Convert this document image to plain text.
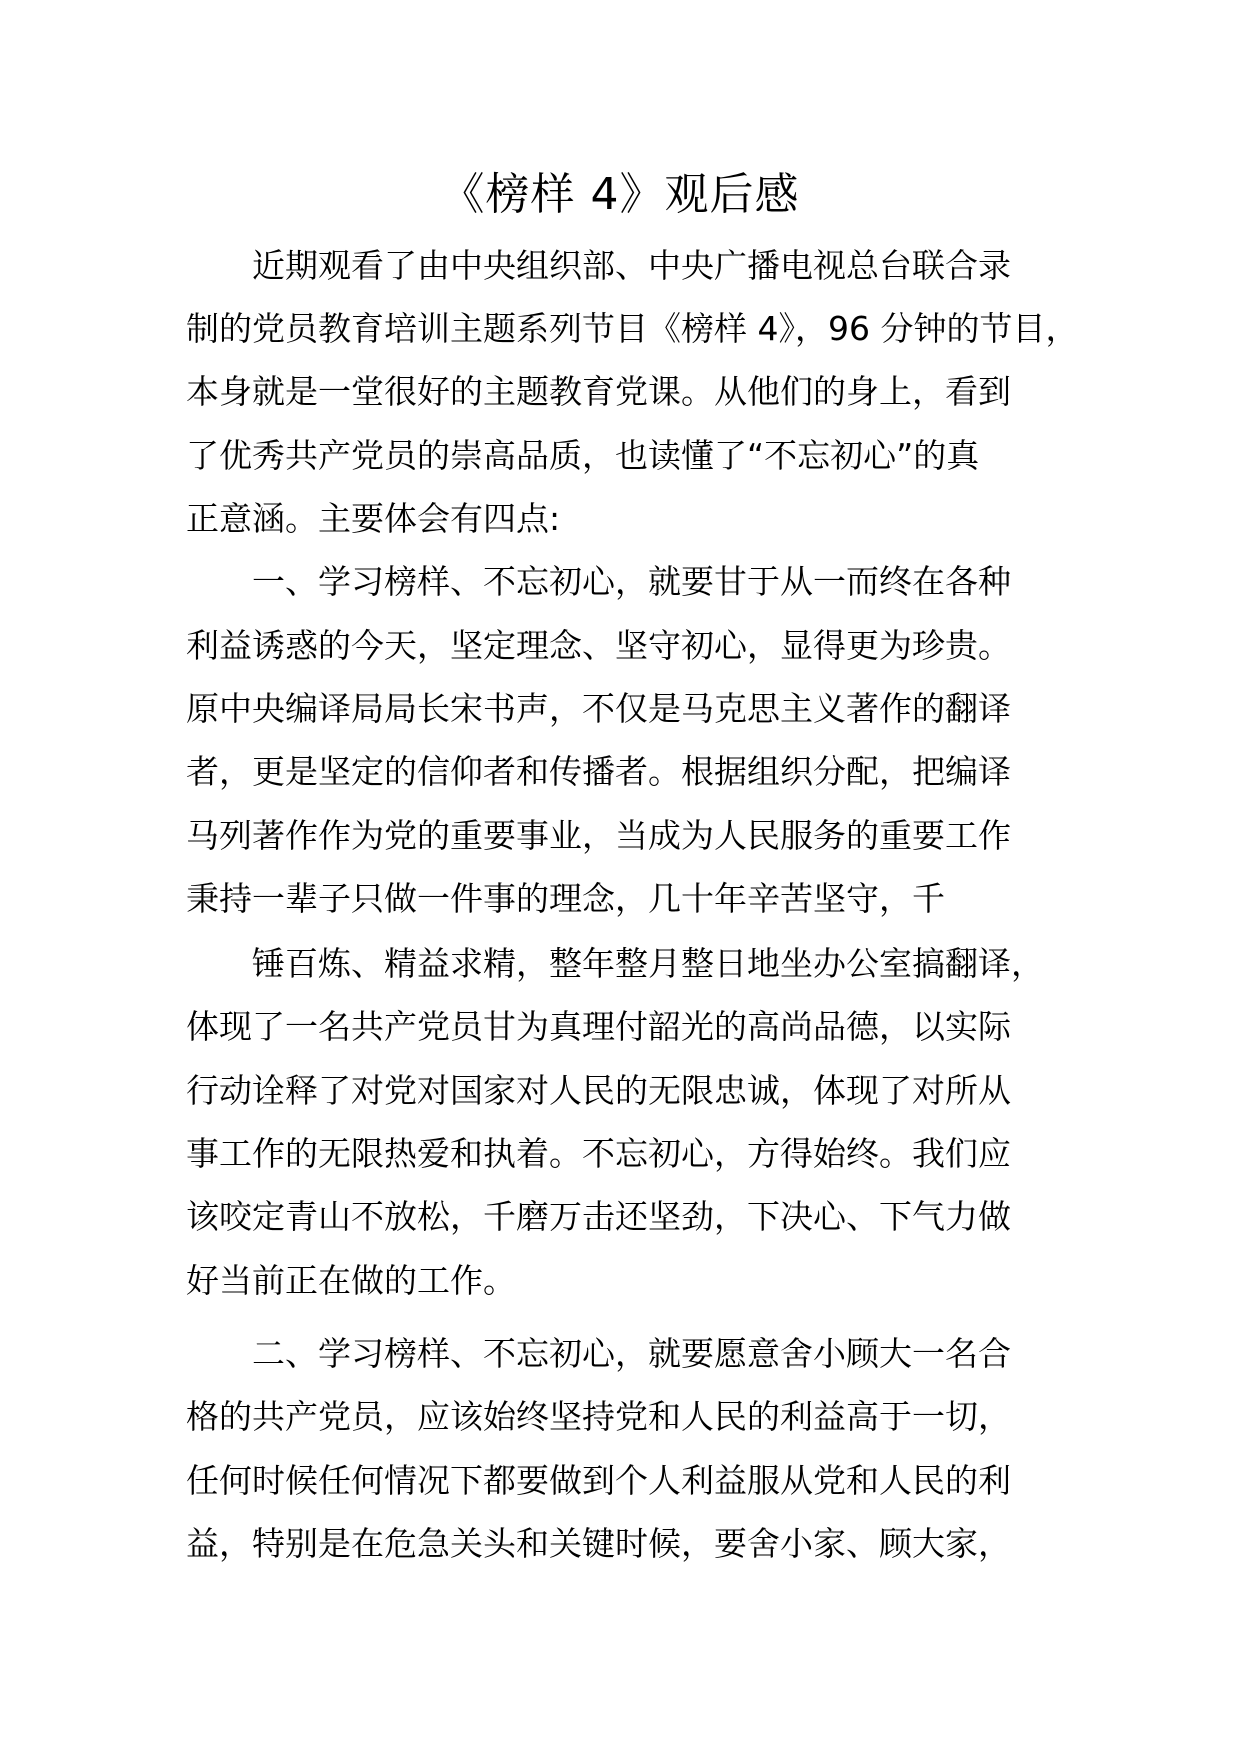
《榜样 4》观后感
近期观看了由中央组织部、中央广播电视总台联合录
制的党员教育培训主题系列节目《榜样 4》，96 分钟的节目，
本身就是一堂很好的主题教育党课。从他们的身上，看到
了优秀共产党员的崇高品质，也读懂了“不忘初心”的真
正意涵。主要体会有四点:
一、学习榜样、不忘初心，就要甘于从一而终在各种
利益诱惑的今天，坚定理念、坚守初心，显得更为珍贵。
原中央编译局局长宋书声，不仅是马克思主义著作的翻译
者，更是坚定的信仰者和传播者。根据组织分配，把编译
马列著作作为党的重要事业，当成为人民服务的重要工作
秉持一辈子只做一件事的理念，几十年辛苦坚守，千
锤百炼、精益求精，整年整月整日地坐办公室搞翻译，
体现了一名共产党员甘为真理付韶光的高尚品德，以实际
行动诠释了对党对国家对人民的无限忠诚，体现了对所从
事工作的无限热爱和执着。不忘初心，方得始终。我们应
该咬定青山不放松，千磨万击还坚劲，下决心、下气力做
好当前正在做的工作。
二、学习榜样、不忘初心，就要愿意舍小顾大一名合
格的共产党员，应该始终坚持党和人民的利益高于一切，
任何时候任何情况下都要做到个人利益服从党和人民的利
益，特别是在危急关头和关键时候，要舍小家、顾大家，
